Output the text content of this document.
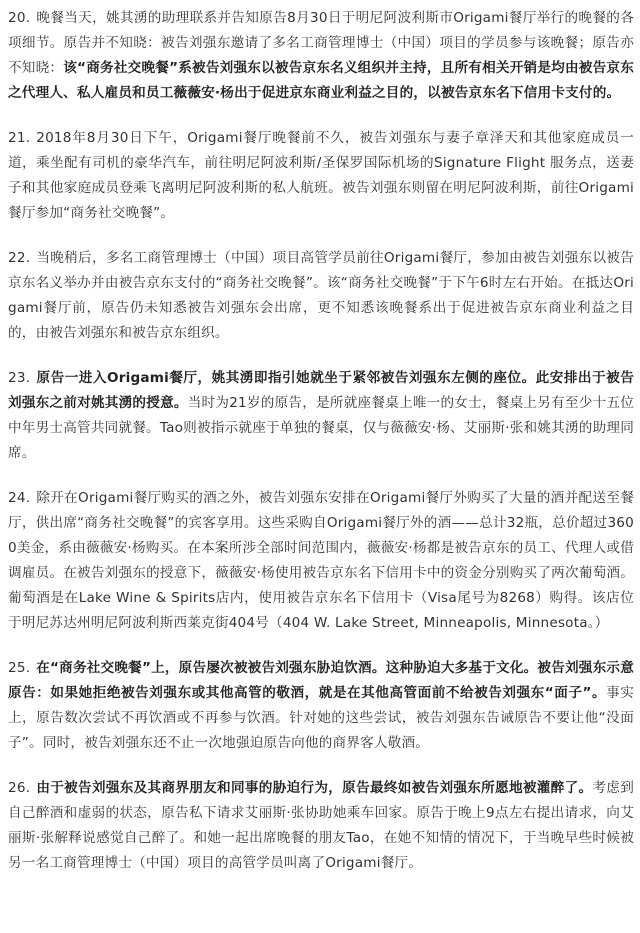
20. 晚餐当天，姚其湧的助理联系并告知原告8月30日于明尼阿波利斯市Origami餐厅举行的晚餐的各项细节。原告并不知晓：被告刘强东邀请了多名工商管理博士（中国）项目的学员参与该晚餐；原告亦不知晓：该“商务社交晚餐”系被告刘强东以被告京东名义组织并主持，且所有相关开销是均由被告京东之代理人、私人雇员和员工薇薇安·杨出于促进京东商业利益之目的，以被告京东名下信用卡支付的。

21. 2018年8月30日下午，Origami餐厅晚餐前不久，被告刘强东与妻子章泽天和其他家庭成员一道，乘坐配有司机的豪华汽车，前往明尼阿波利斯/圣保罗国际机场的Signature Flight 服务点，送妻子和其他家庭成员登乘飞离明尼阿波利斯的私人航班。被告刘强东则留在明尼阿波利斯，前往Origami餐厅参加“商务社交晚餐”。

22. 当晚稍后，多名工商管理博士（中国）项目高管学员前往Origami餐厅，参加由被告刘强东以被告京东名义举办并由被告京东支付的“商务社交晚餐”。该“商务社交晚餐”于下午6时左右开始。在抵达Origami餐厅前，原告仍未知悉被告刘强东会出席，更不知悉该晚餐系出于促进被告京东商业利益之目的，由被告刘强东和被告京东组织。

23. 原告一进入Origami餐厅，姚其湧即指引她就坐于紧邻被告刘强东左侧的座位。此安排出于被告刘强东之前对姚其湧的授意。当时为21岁的原告，是所就座餐桌上唯一的女士，餐桌上另有至少十五位中年男士高管共同就餐。Tao则被指示就座于单独的餐桌，仅与薇薇安·杨、艾丽斯·张和姚其湧的助理同席。

24. 除开在Origami餐厅购买的酒之外，被告刘强东安排在Origami餐厅外购买了大量的酒并配送至餐厅，供出席“商务社交晚餐”的宾客享用。这些采购自Origami餐厅外的酒——总计32瓶，总价超过3600美金，系由薇薇安·杨购买。在本案所涉全部时间范围内，薇薇安·杨都是被告京东的员工、代理人或借调雇员。在被告刘强东的授意下，薇薇安·杨使用被告京东名下信用卡中的资金分别购买了两次葡萄酒。葡萄酒是在Lake Wine & Spirits店内，使用被告京东名下信用卡（Visa尾号为8268）购得。该店位于明尼苏达州明尼阿波利斯西莱克街404号（404 W. Lake Street, Minneapolis, Minnesota。）

25. 在“商务社交晚餐”上，原告屡次被被告刘强东胁迫饮酒。这种胁迫大多基于文化。被告刘强东示意原告：如果她拒绝被告刘强东或其他高管的敬酒，就是在其他高管面前不给被告刘强东“面子”。事实上，原告数次尝试不再饮酒或不再参与饮酒。针对她的这些尝试，被告刘强东告诫原告不要让他“没面子”。同时，被告刘强东还不止一次地强迫原告向他的商界客人敬酒。

26. 由于被告刘强东及其商界朋友和同事的胁迫行为，原告最终如被告刘强东所愿地被灌醉了。考虑到自己醉酒和虚弱的状态，原告私下请求艾丽斯·张协助她乘车回家。原告于晚上9点左右提出请求，向艾丽斯·张解释说感觉自己醉了。和她一起出席晚餐的朋友Tao，在她不知情的情况下，于当晚早些时候被另一名工商管理博士（中国）项目的高管学员叫离了Origami餐厅。
